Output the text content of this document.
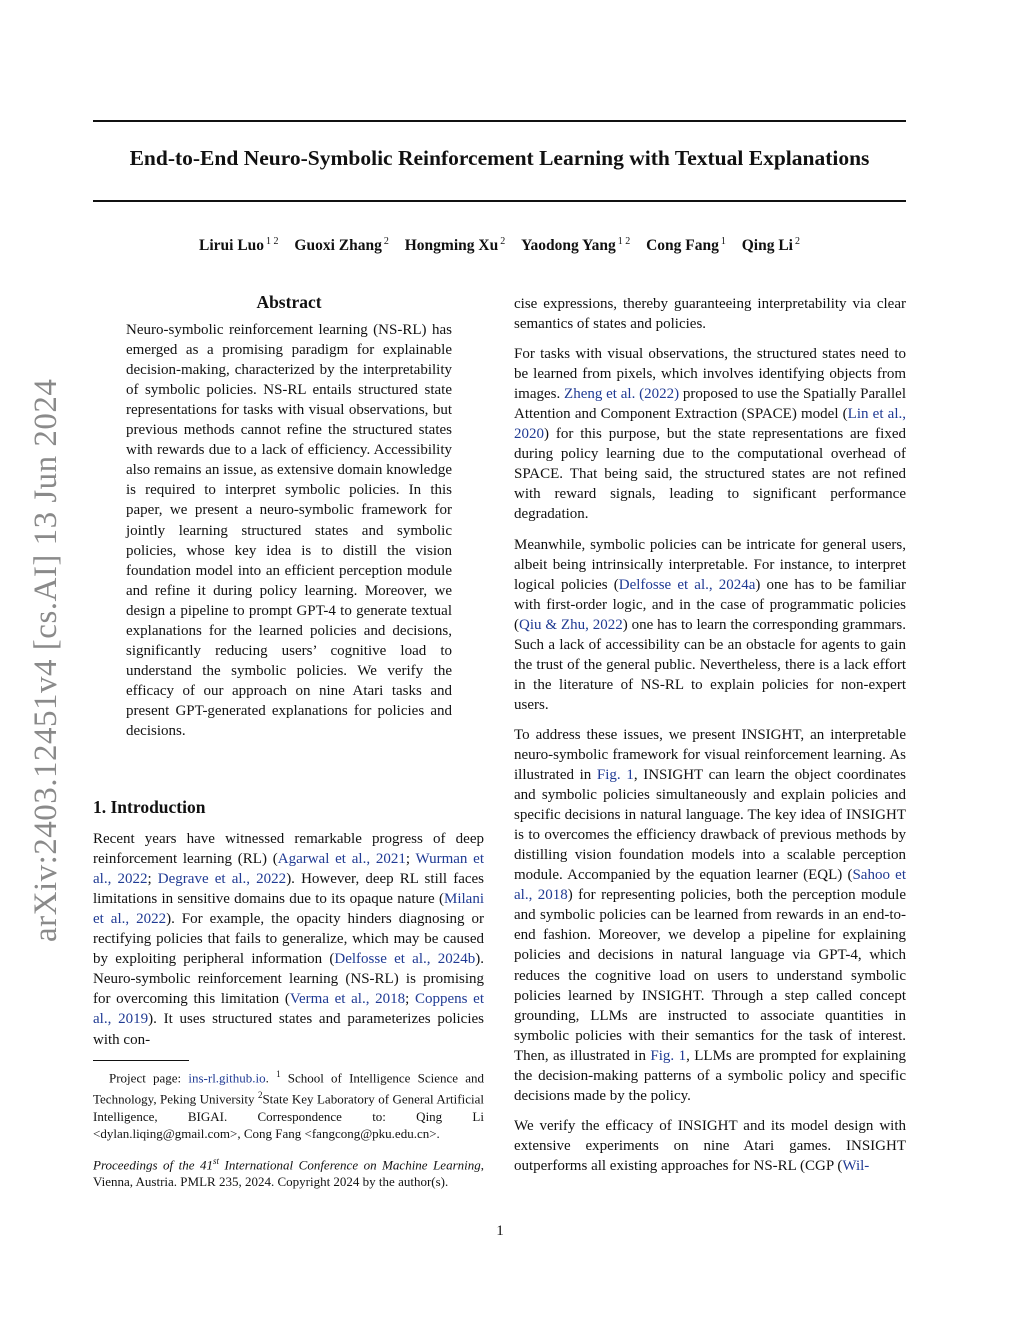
End-to-End Neuro-Symbolic Reinforcement Learning with Textual Explanations
Lirui Luo $^{1 2}$ Guoxi Zhang $^2$ Hongming Xu $^2$ Yaodong Yang $^{1 2}$ Cong Fang $^1$ Qing Li $^2$
arXiv:2403.12451v4 [cs.AI] 13 Jun 2024

Abstract

Neuro-symbolic reinforcement learning (NS-RL) has emerged as a promising paradigm for explainable decision-making, characterized by the interpretability of symbolic policies. NS-RL entails structured state representations for tasks with visual observations, but previous methods cannot refine the structured states with rewards due to a lack of efficiency. Accessibility also remains an issue, as extensive domain knowledge is required to interpret symbolic policies. In this paper, we present a neuro-symbolic framework for jointly learning structured states and symbolic policies, whose key idea is to distill the vision foundation model into an efficient perception module and refine it during policy learning. Moreover, we design a pipeline to prompt GPT-4 to generate textual explanations for the learned policies and decisions, significantly reducing users’ cognitive load to understand the symbolic policies. We verify the efficacy of our approach on nine Atari tasks and present GPT-generated explanations for policies and decisions.

1. Introduction

Recent years have witnessed remarkable progress of deep reinforcement learning (RL) (Agarwal et al., 2021; Wurman et al., 2022; Degrave et al., 2022). However, deep RL still faces limitations in sensitive domains due to its opaque nature (Milani et al., 2022). For example, the opacity hinders diagnosing or rectifying policies that fails to generalize, which may be caused by exploiting peripheral information (Delfosse et al., 2024b). Neuro-symbolic reinforcement learning (NS-RL) is promising for overcoming this limitation (Verma et al., 2018; Coppens et al., 2019). It uses structured states and parameterizes policies with con-

Project page: ins-rl.github.io. $^1$ School of Intelligence Science and Technology, Peking University $^2$State Key Laboratory of General Artificial Intelligence, BIGAI. Correspondence to: Qing Li <dylan.liqing@gmail.com>, Cong Fang <fangcong@pku.edu.cn>.

Proceedings of the 41st International Conference on Machine Learning, Vienna, Austria. PMLR 235, 2024. Copyright 2024 by the author(s).

cise expressions, thereby guaranteeing interpretability via clear semantics of states and policies.

For tasks with visual observations, the structured states need to be learned from pixels, which involves identifying objects from images. Zheng et al. (2022) proposed to use the Spatially Parallel Attention and Component Extraction (SPACE) model (Lin et al., 2020) for this purpose, but the state representations are fixed during policy learning due to the computational overhead of SPACE. That being said, the structured states are not refined with reward signals, leading to significant performance degradation.

Meanwhile, symbolic policies can be intricate for general users, albeit being intrinsically interpretable. For instance, to interpret logical policies (Delfosse et al., 2024a) one has to be familiar with first-order logic, and in the case of programmatic policies (Qiu & Zhu, 2022) one has to learn the corresponding grammars. Such a lack of accessibility can be an obstacle for agents to gain the trust of the general public. Nevertheless, there is a lack effort in the literature of NS-RL to explain policies for non-expert users.

To address these issues, we present INSIGHT, an interpretable neuro-symbolic framework for visual reinforcement learning. As illustrated in Fig. 1, INSIGHT can learn the object coordinates and symbolic policies simultaneously and explain policies and specific decisions in natural language. The key idea of INSIGHT is to overcomes the efficiency drawback of previous methods by distilling vision foundation models into a scalable perception module. Accompanied by the equation learner (EQL) (Sahoo et al., 2018) for representing policies, both the perception module and symbolic policies can be learned from rewards in an end-to-end fashion. Moreover, we develop a pipeline for explaining policies and decisions in natural language via GPT-4, which reduces the cognitive load on users to understand symbolic policies learned by INSIGHT. Through a step called concept grounding, LLMs are instructed to associate quantities in symbolic policies with their semantics for the task of interest. Then, as illustrated in Fig. 1, LLMs are prompted for explaining the decision-making patterns of a symbolic policy and specific decisions made by the policy.

We verify the efficacy of INSIGHT and its model design with extensive experiments on nine Atari games. INSIGHT outperforms all existing approaches for NS-RL (CGP (Wil-

1
